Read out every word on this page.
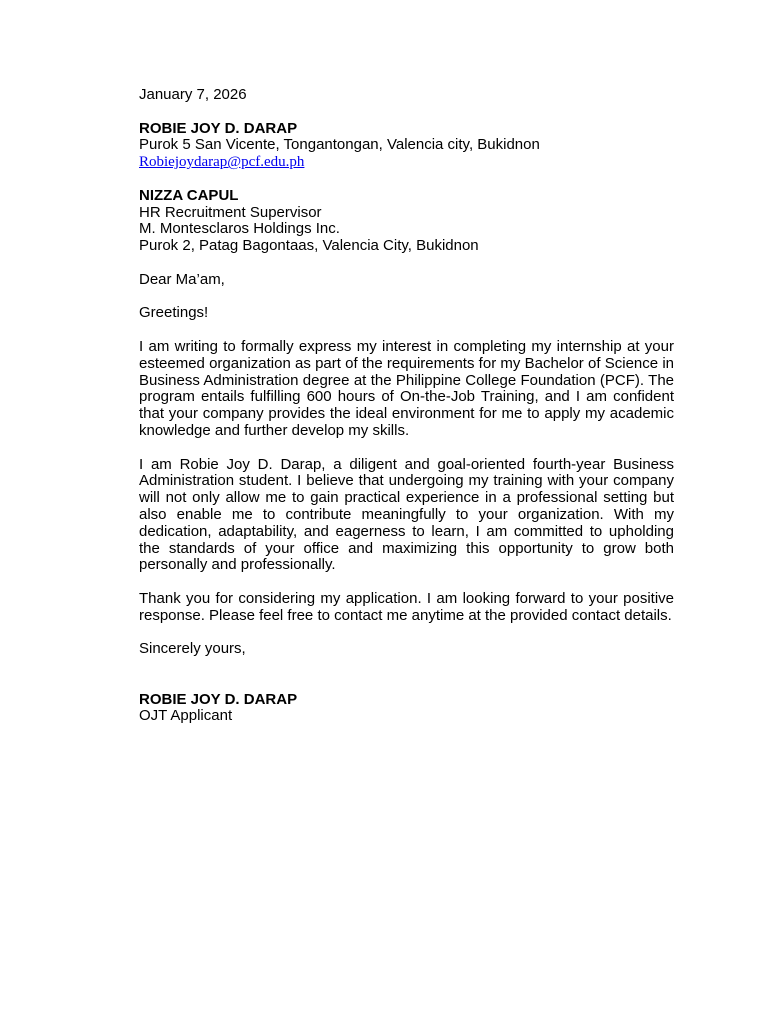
January 7, 2026
ROBIE JOY D. DARAP
Purok 5 San Vicente, Tongantongan, Valencia city, Bukidnon
Robiejoydarap@pcf.edu.ph
NIZZA CAPUL
HR Recruitment Supervisor
M. Montesclaros Holdings Inc.
Purok 2, Patag Bagontaas, Valencia City, Bukidnon
Dear Ma’am,
Greetings!

I am writing to formally express my interest in completing my internship at your esteemed organization as part of the requirements for my Bachelor of Science in Business Administration degree at the Philippine College Foundation (PCF). The program entails fulfilling 600 hours of On-the-Job Training, and I am confident that your company provides the ideal environment for me to apply my academic knowledge and further develop my skills.

I am Robie Joy D. Darap, a diligent and goal-oriented fourth-year Business Administration student. I believe that undergoing my training with your company will not only allow me to gain practical experience in a professional setting but also enable me to contribute meaningfully to your organization. With my dedication, adaptability, and eagerness to learn, I am committed to upholding the standards of your office and maximizing this opportunity to grow both personally and professionally.

Thank you for considering my application. I am looking forward to your positive response. Please feel free to contact me anytime at the provided contact details.

Sincerely yours,
ROBIE JOY D. DARAP
OJT Applicant
